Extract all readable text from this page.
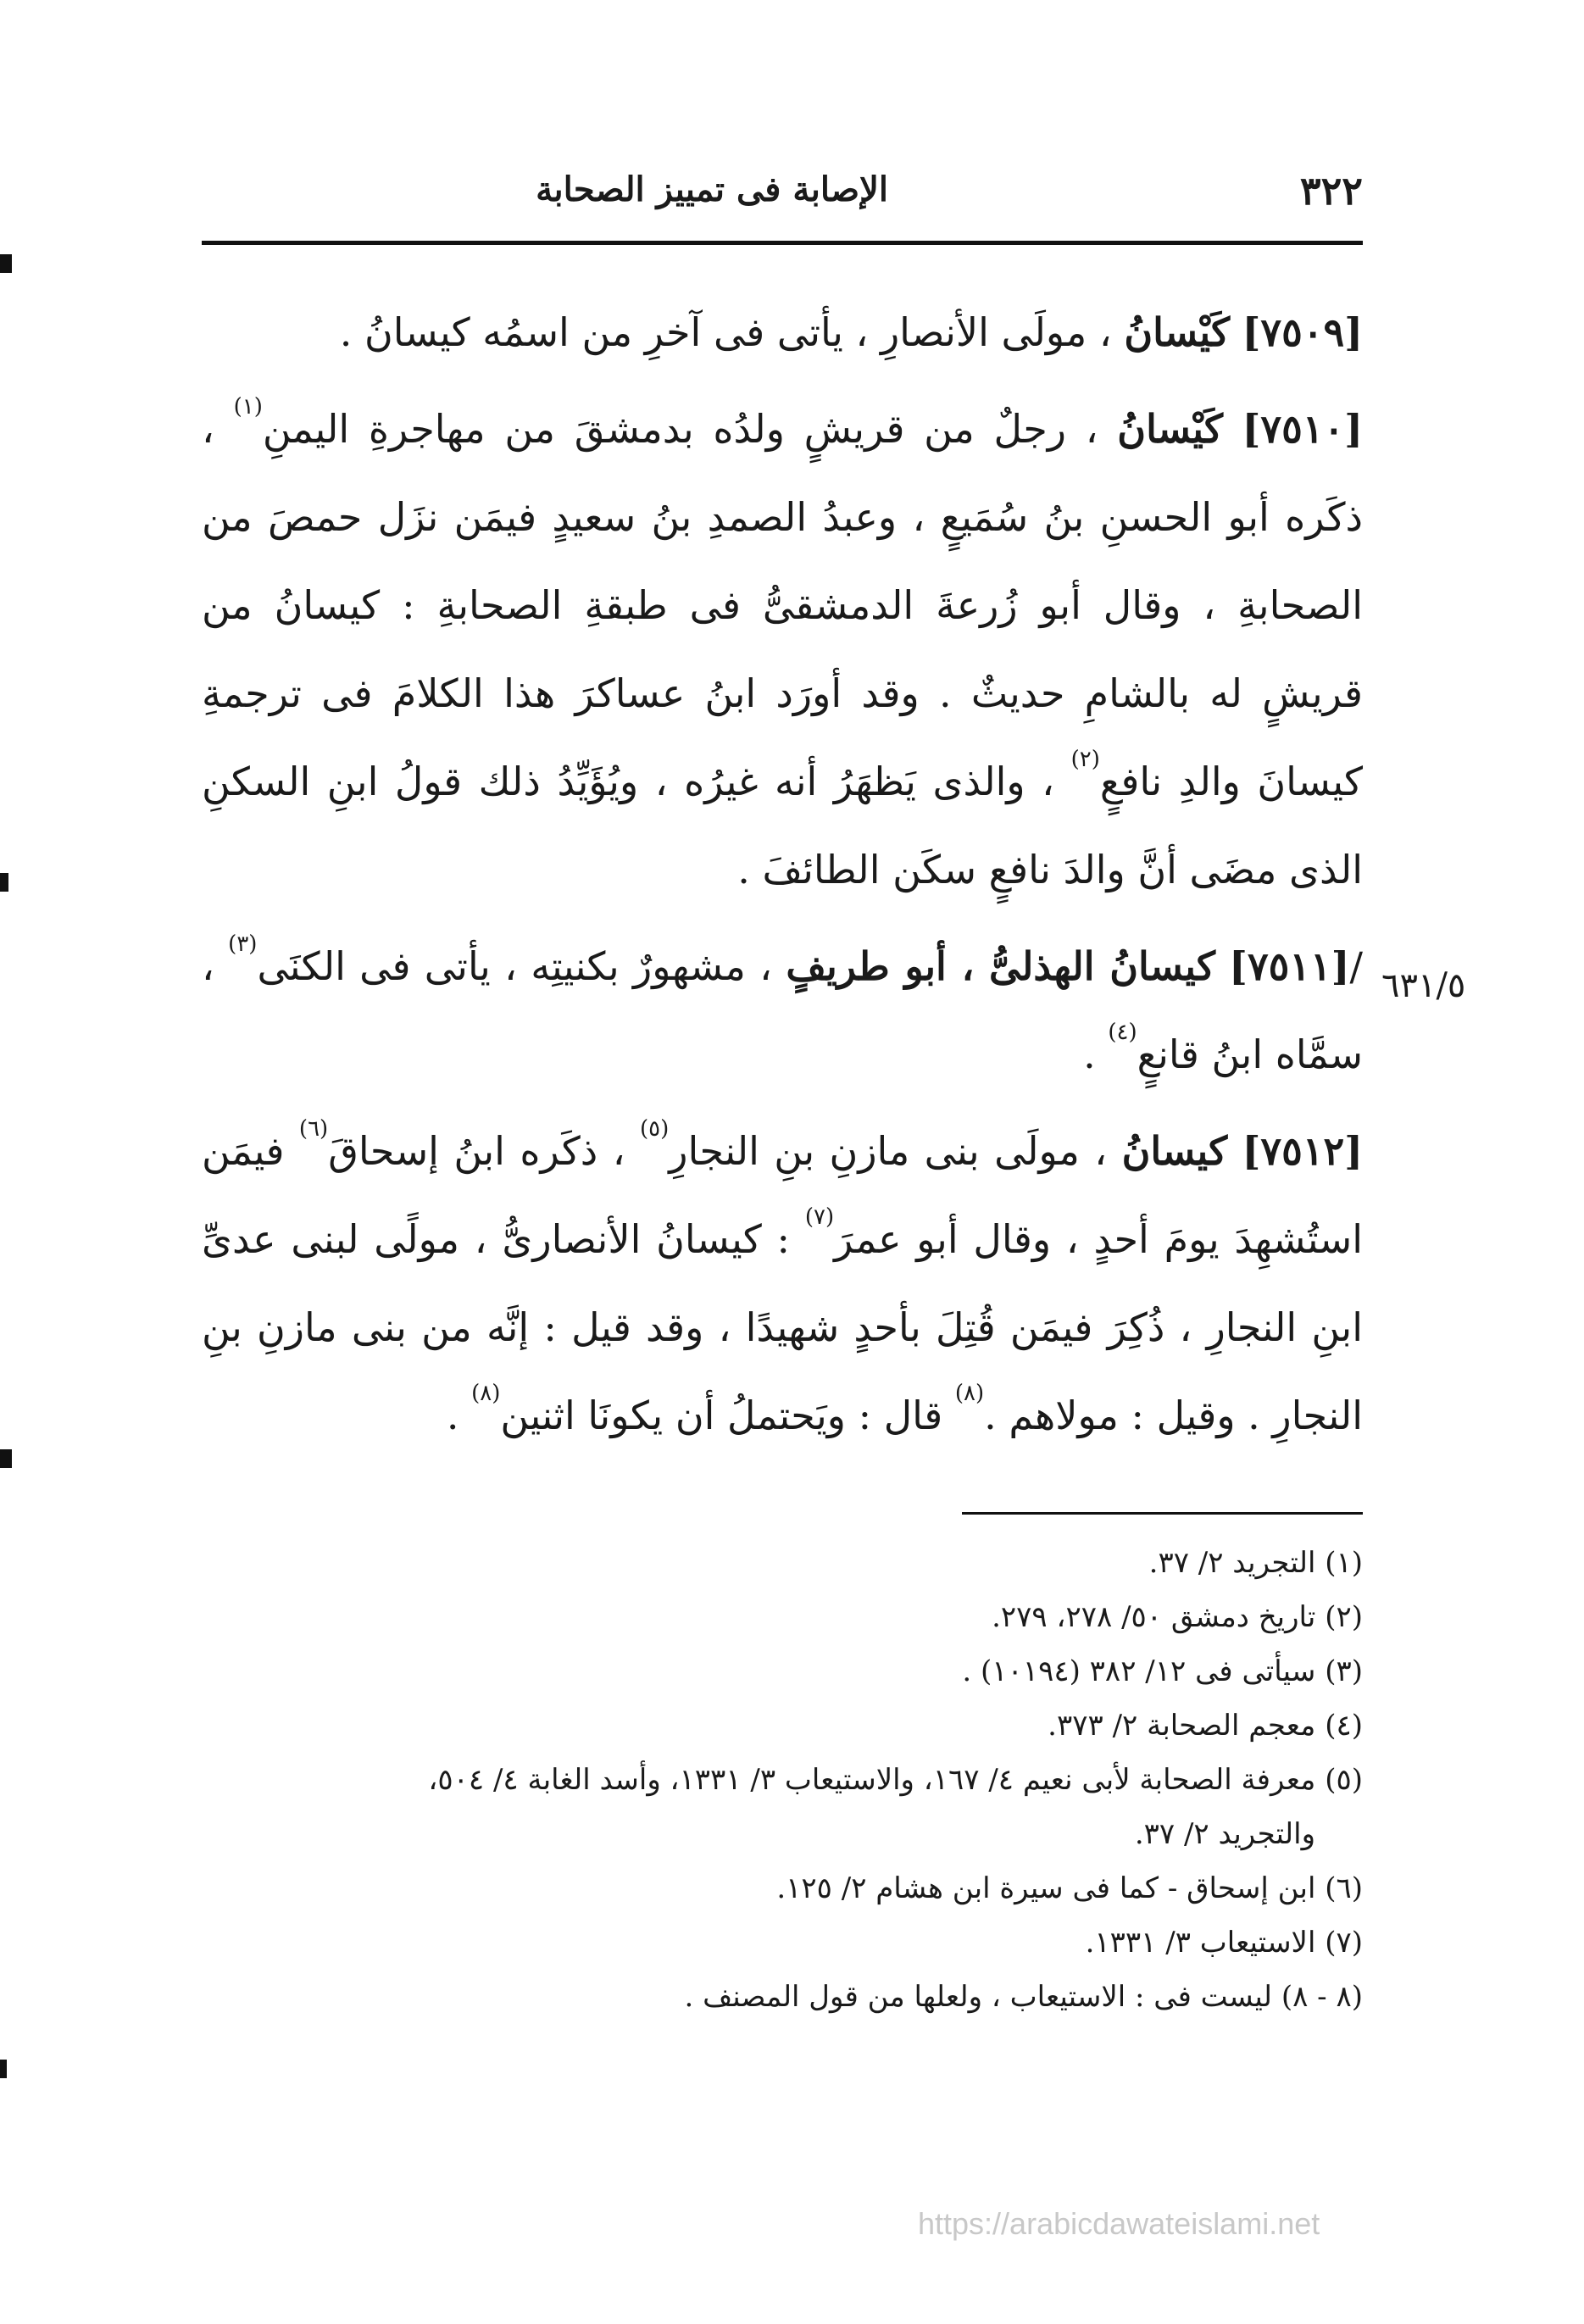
٣٢٢
الإصابة فى تمييز الصحابة

[٧٥٠٩] كَيْسانُ ، مولَى الأنصارِ ، يأتى فى آخرِ من اسمُه كيسانُ .

[٧٥١٠] كَيْسانُ ، رجلٌ من قريشٍ ولدُه بدمشقَ من مهاجرةِ اليمنِ$^{(١)}$ ، ذكَره أبو الحسنِ بنُ سُمَيعٍ ، وعبدُ الصمدِ بنُ سعيدٍ فيمَن نزَل حمصَ من الصحابةِ ، وقال أبو زُرعةَ الدمشقىُّ فى طبقةِ الصحابةِ : كيسانُ من قريشٍ له بالشامِ حديثٌ . وقد أورَد ابنُ عساكرَ هذا الكلامَ فى ترجمةِ كيسانَ والدِ نافعٍ$^{(٢)}$ ، والذى يَظهَرُ أنه غيرُه ، ويُؤَيِّدُ ذلك قولُ ابنِ السكنِ الذى مضَى أنَّ والدَ نافعٍ سكَن الطائفَ .

/[٧٥١١] كيسانُ الهذلىُّ ، أبو طريفٍ ، مشهورٌ بكنيتِه ، يأتى فى الكنَى$^{(٣)}$ ، سمَّاه ابنُ قانعٍ$^{(٤)}$ .

[٧٥١٢] كيسانُ ، مولَى بنى مازنِ بنِ النجارِ$^{(٥)}$ ، ذكَره ابنُ إسحاقَ$^{(٦)}$ فيمَن استُشهِدَ يومَ أحدٍ ، وقال أبو عمرَ$^{(٧)}$ : كيسانُ الأنصارىُّ ، مولًى لبنى عدىِّ ابنِ النجارِ ، ذُكِرَ فيمَن قُتِلَ بأحدٍ شهيدًا ، وقد قيل : إنَّه من بنى مازنِ بنِ النجارِ . وقيل : مولاهم .$^{(٨)}$ قال : ويَحتملُ أن يكونَا اثنين$^{(٨)}$ .

٦٣١/٥

(١) التجريد ٢/ ٣٧.

(٢) تاريخ دمشق ٥٠/ ٢٧٨، ٢٧٩.

(٣) سيأتى فى ١٢/ ٣٨٢ (١٠١٩٤) .

(٤) معجم الصحابة ٢/ ٣٧٣.

(٥) معرفة الصحابة لأبى نعيم ٤/ ١٦٧، والاستيعاب ٣/ ١٣٣١، وأسد الغابة ٤/ ٥٠٤،

والتجريد ٢/ ٣٧.

(٦) ابن إسحاق - كما فى سيرة ابن هشام ٢/ ١٢٥.

(٧) الاستيعاب ٣/ ١٣٣١.

(٨ - ٨) ليست فى : الاستيعاب ، ولعلها من قول المصنف .

https://arabicdawateislami.net
